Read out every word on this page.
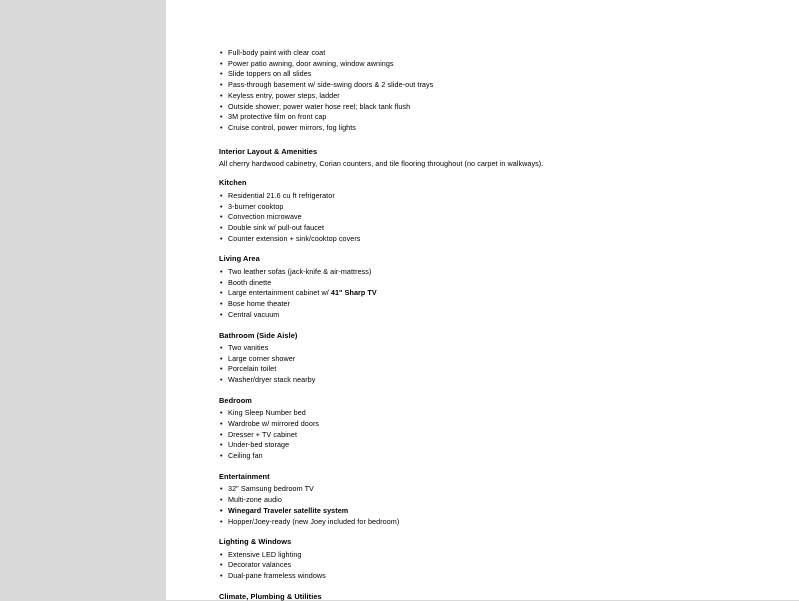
• Full-body paint with clear coat
• Power patio awning, door awning, window awnings
• Slide toppers on all slides
• Pass-through basement w/ side-swing doors & 2 slide-out trays
• Keyless entry, power steps, ladder
• Outside shower; power water hose reel; black tank flush
• 3M protective film on front cap
• Cruise control, power mirrors, fog lights
Interior Layout & Amenities
All cherry hardwood cabinetry, Corian counters, and tile flooring throughout (no carpet in walkways).
Kitchen
• Residential 21.6 cu ft refrigerator
• 3-burner cooktop
• Convection microwave
• Double sink w/ pull-out faucet
• Counter extension + sink/cooktop covers
Living Area
• Two leather sofas (jack-knife & air-mattress)
• Booth dinette
• Large entertainment cabinet w/ 41" Sharp TV
• Bose home theater
• Central vacuum
Bathroom (Side Aisle)
• Two vanities
• Large corner shower
• Porcelain toilet
• Washer/dryer stack nearby
Bedroom
• King Sleep Number bed
• Wardrobe w/ mirrored doors
• Dresser + TV cabinet
• Under-bed storage
• Ceiling fan
Entertainment
• 32" Samsung bedroom TV
• Multi-zone audio
• Winegard Traveler satellite system
• Hopper/Joey-ready (new Joey included for bedroom)
Lighting & Windows
• Extensive LED lighting
• Decorator valances
• Dual-pane frameless windows
Climate, Plumbing & Utilities
